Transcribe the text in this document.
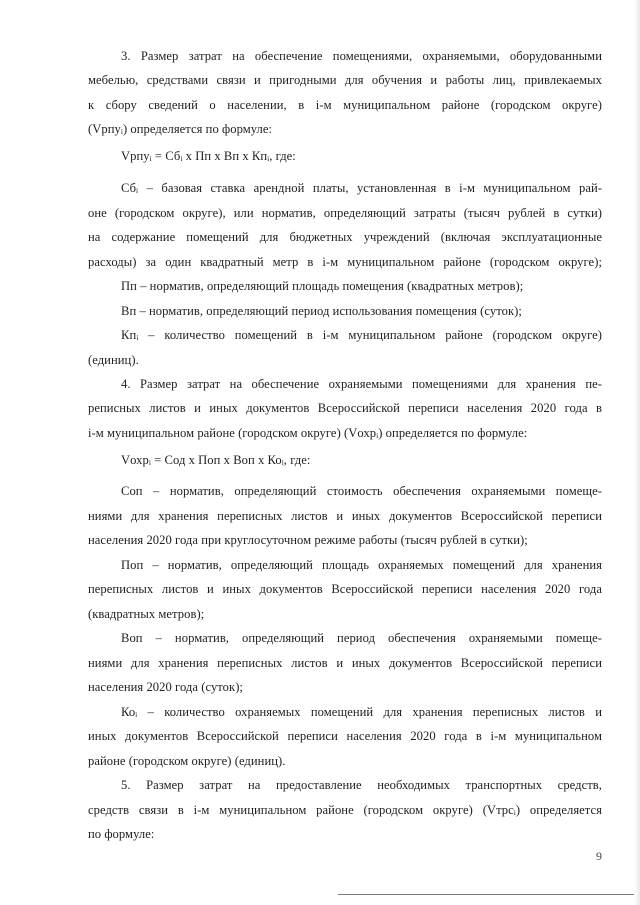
3. Размер затрат на обеспечение помещениями, охраняемыми, оборудованными
мебелью, средствами связи и пригодными для обучения и работы лиц, привлекаемых
к сбору сведений о населении, в i-м муниципальном районе (городском округе)
(Vрпуᵢ) определяется по формуле:
Vрпуᵢ = Сбᵢ x Пп x Вп x Кпᵢ, где:
Сбᵢ – базовая ставка арендной платы, установленная в i-м муниципальном рай-
оне (городском округе), или норматив, определяющий затраты (тысяч рублей в сутки)
на содержание помещений для бюджетных учреждений (включая эксплуатационные
расходы) за один квадратный метр в i-м муниципальном районе (городском округе);
Пп – норматив, определяющий площадь помещения (квадратных метров);
Вп – норматив, определяющий период использования помещения (суток);
Кпᵢ – количество помещений в i-м муниципальном районе (городском округе)
(единиц).
4. Размер затрат на обеспечение охраняемыми помещениями для хранения пе-
реписных листов и иных документов Всероссийской переписи населения 2020 года в
i-м муниципальном районе (городском округе) (Vохрᵢ) определяется по формуле:
Vохрᵢ = Сод x Поп x Воп x Коᵢ, где:
Соп – норматив, определяющий стоимость обеспечения охраняемыми помеще-
ниями для хранения переписных листов и иных документов Всероссийской переписи
населения 2020 года при круглосуточном режиме работы (тысяч рублей в сутки);
Поп – норматив, определяющий площадь охраняемых помещений для хранения
переписных листов и иных документов Всероссийской переписи населения 2020 года
(квадратных метров);
Воп – норматив, определяющий период обеспечения охраняемыми помеще-
ниями для хранения переписных листов и иных документов Всероссийской переписи
населения 2020 года (суток);
Коᵢ – количество охраняемых помещений для хранения переписных листов и
иных документов Всероссийской переписи населения 2020 года в i-м муниципальном
районе (городском округе) (единиц).
5. Размер затрат на предоставление необходимых транспортных средств,
средств связи в i-м муниципальном районе (городском округе) (Vтрсᵢ) определяется
по формуле:
9
